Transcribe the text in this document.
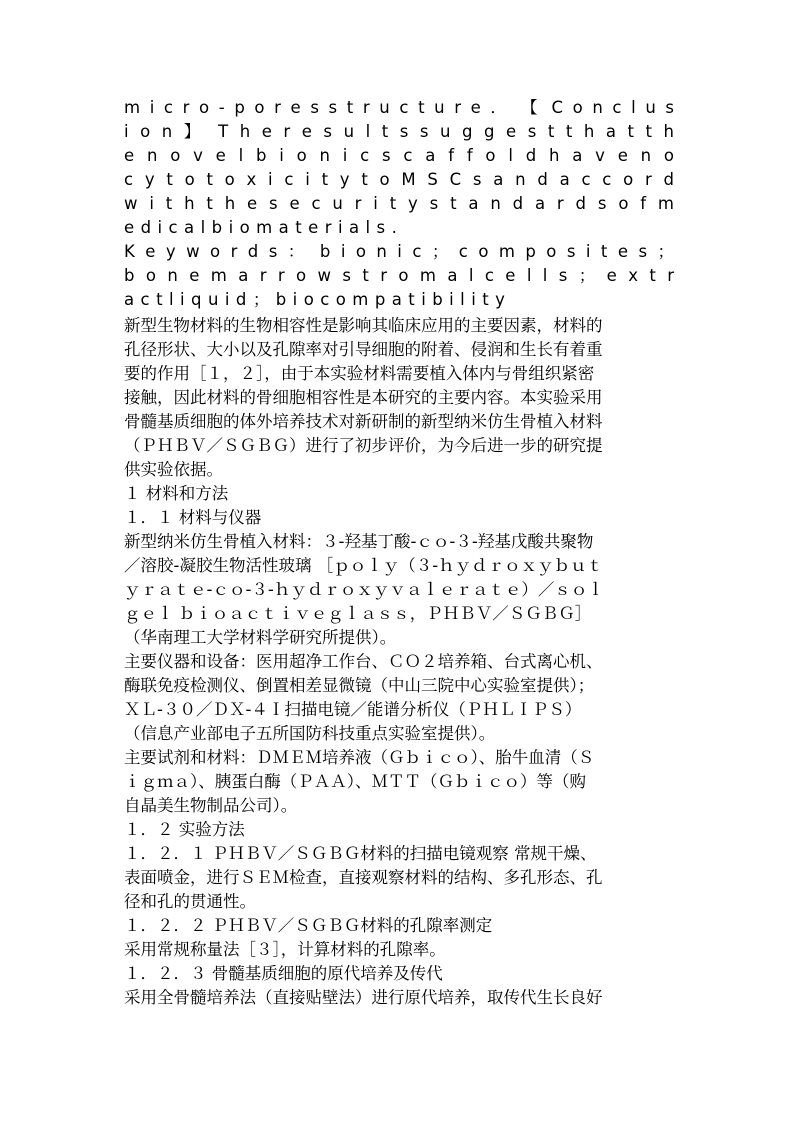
m i c r o - p o r e s s t r u c t u r e ． 【 C o n c l u s
i o n 】 T h e r e s u l t s s u g g e s t t h a t t h
e n o v e l b i o n i c s c a f f o l d h a v e n o
c y t o t o x i c i t y t o M S C s a n d a c c o r d
w i t h t h e s e c u r i t y s t a n d a r d s o f m
e d i c a l b i o m a t e r i a l s .
K e y w o r d s ： b i o n i c ； c o m p o s i t e s ；
b o n e m a r r o w s t r o m a l c e l l s ； e x t r
a c t l i q u i d ； b i o c o m p a t i b i l i t y
新型生物材料的生物相容性是影响其临床应用的主要因素，材料的
孔径形状、大小以及孔隙率对引导细胞的附着、侵润和生长有着重
要的作用［１，２］，由于本实验材料需要植入体内与骨组织紧密
接触，因此材料的骨细胞相容性是本研究的主要内容。本实验采用
骨髓基质细胞的体外培养技术对新研制的新型纳米仿生骨植入材料
（ＰＨＢＶ／ＳＧＢＧ）进行了初步评价，为今后进一步的研究提
供实验依据。
１ 材料和方法
１．１ 材料与仪器
新型纳米仿生骨植入材料：３-羟基丁酸-ｃｏ-３-羟基戊酸共聚物
／溶胶-凝胶生物活性玻璃 ［ｐｏｌｙ（３-ｈｙｄｒｏｘｙｂｕｔ
ｙｒａｔｅ-ｃｏ-３-ｈｙｄｒｏｘｙｖａｌｅｒａｔｅ）／ｓｏｌ
ｇｅｌ ｂｉｏａｃｔｉｖｅｇｌａｓｓ，ＰＨＢＶ／ＳＧＢＧ］
（华南理工大学材料学研究所提供）。
主要仪器和设备：医用超净工作台、ＣＯ２培养箱、台式离心机、
酶联免疫检测仪、倒置相差显微镜（中山三院中心实验室提供）；
ＸＬ-３０／ＤＸ-４Ｉ扫描电镜／能谱分析仪（ＰＨＬＩＰＳ）
（信息产业部电子五所国防科技重点实验室提供）。
主要试剂和材料：ＤＭＥＭ培养液（Ｇｂｉｃｏ）、胎牛血清（Ｓ
ｉｇｍａ）、胰蛋白酶（ＰＡＡ）、ＭＴＴ（Ｇｂｉｃｏ）等（购
自晶美生物制品公司）。
１．２ 实验方法
１．２．１ ＰＨＢＶ／ＳＧＢＧ材料的扫描电镜观察 常规干燥、
表面喷金，进行ＳＥＭ检查，直接观察材料的结构、多孔形态、孔
径和孔的贯通性。
１．２．２ ＰＨＢＶ／ＳＧＢＧ材料的孔隙率测定
采用常规称量法［３］，计算材料的孔隙率。
１．２．３ 骨髓基质细胞的原代培养及传代
采用全骨髓培养法（直接贴壁法）进行原代培养，取传代生长良好
